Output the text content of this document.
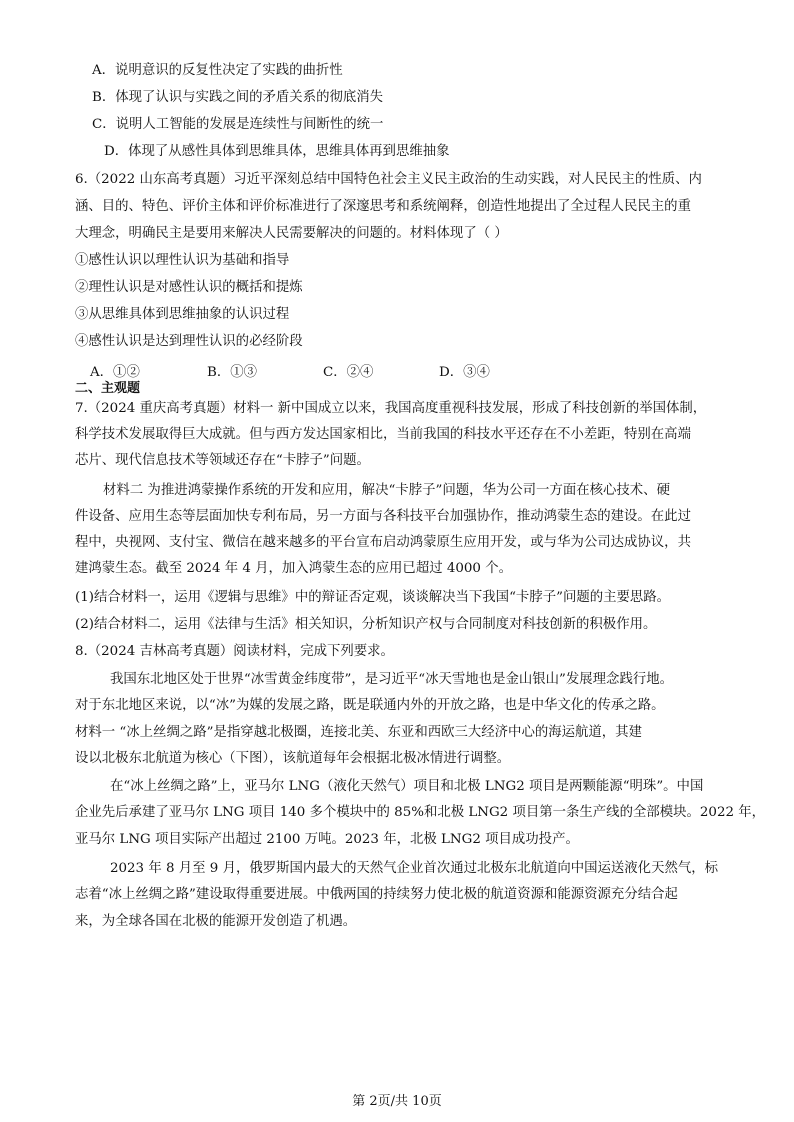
A．说明意识的反复性决定了实践的曲折性
B．体现了认识与实践之间的矛盾关系的彻底消失
C．说明人工智能的发展是连续性与间断性的统一
D．体现了从感性具体到思维具体，思维具体再到思维抽象
6.（2022 山东高考真题）习近平深刻总结中国特色社会主义民主政治的生动实践，对人民民主的性质、内
涵、目的、特色、评价主体和评价标准进行了深邃思考和系统阐释，创造性地提出了全过程人民民主的重
大理念，明确民主是要用来解决人民需要解决的问题的。材料体现了（ ）
①感性认识以理性认识为基础和指导
②理性认识是对感性认识的概括和提炼
③从思维具体到思维抽象的认识过程
④感性认识是达到理性认识的必经阶段
A．①②	B．①③	C．②④	D．③④
二、主观题
7.（2024 重庆高考真题）材料一 新中国成立以来，我国高度重视科技发展，形成了科技创新的举国体制，
科学技术发展取得巨大成就。但与西方发达国家相比，当前我国的科技水平还存在不小差距，特别在高端
芯片、现代信息技术等领域还存在“卡脖子”问题。
材料二 为推进鸿蒙操作系统的开发和应用，解决“卡脖子”问题，华为公司一方面在核心技术、硬
件设备、应用生态等层面加快专利布局，另一方面与各科技平台加强协作，推动鸿蒙生态的建设。在此过
程中，央视网、支付宝、微信在越来越多的平台宣布启动鸿蒙原生应用开发，或与华为公司达成协议，共
建鸿蒙生态。截至 2024 年 4 月，加入鸿蒙生态的应用已超过 4000 个。
(1)结合材料一，运用《逻辑与思维》中的辩证否定观，谈谈解决当下我国“卡脖子”问题的主要思路。
(2)结合材料二，运用《法律与生活》相关知识，分析知识产权与合同制度对科技创新的积极作用。
8.（2024 吉林高考真题）阅读材料，完成下列要求。
我国东北地区处于世界“冰雪黄金纬度带”，是习近平“冰天雪地也是金山银山”发展理念践行地。
对于东北地区来说，以“冰”为媒的发展之路，既是联通内外的开放之路，也是中华文化的传承之路。
材料一 “冰上丝绸之路”是指穿越北极圈，连接北美、东亚和西欧三大经济中心的海运航道，其建
设以北极东北航道为核心（下图），该航道每年会根据北极冰情进行调整。
在“冰上丝绸之路”上，亚马尔 LNG（液化天然气）项目和北极 LNG2 项目是两颗能源“明珠”。中国
企业先后承建了亚马尔 LNG 项目 140 多个模块中的 85%和北极 LNG2 项目第一条生产线的全部模块。2022 年，
亚马尔 LNG 项目实际产出超过 2100 万吨。2023 年，北极 LNG2 项目成功投产。
2023 年 8 月至 9 月，俄罗斯国内最大的天然气企业首次通过北极东北航道向中国运送液化天然气，标
志着“冰上丝绸之路”建设取得重要进展。中俄两国的持续努力使北极的航道资源和能源资源充分结合起
来，为全球各国在北极的能源开发创造了机遇。
第 2页/共 10页
